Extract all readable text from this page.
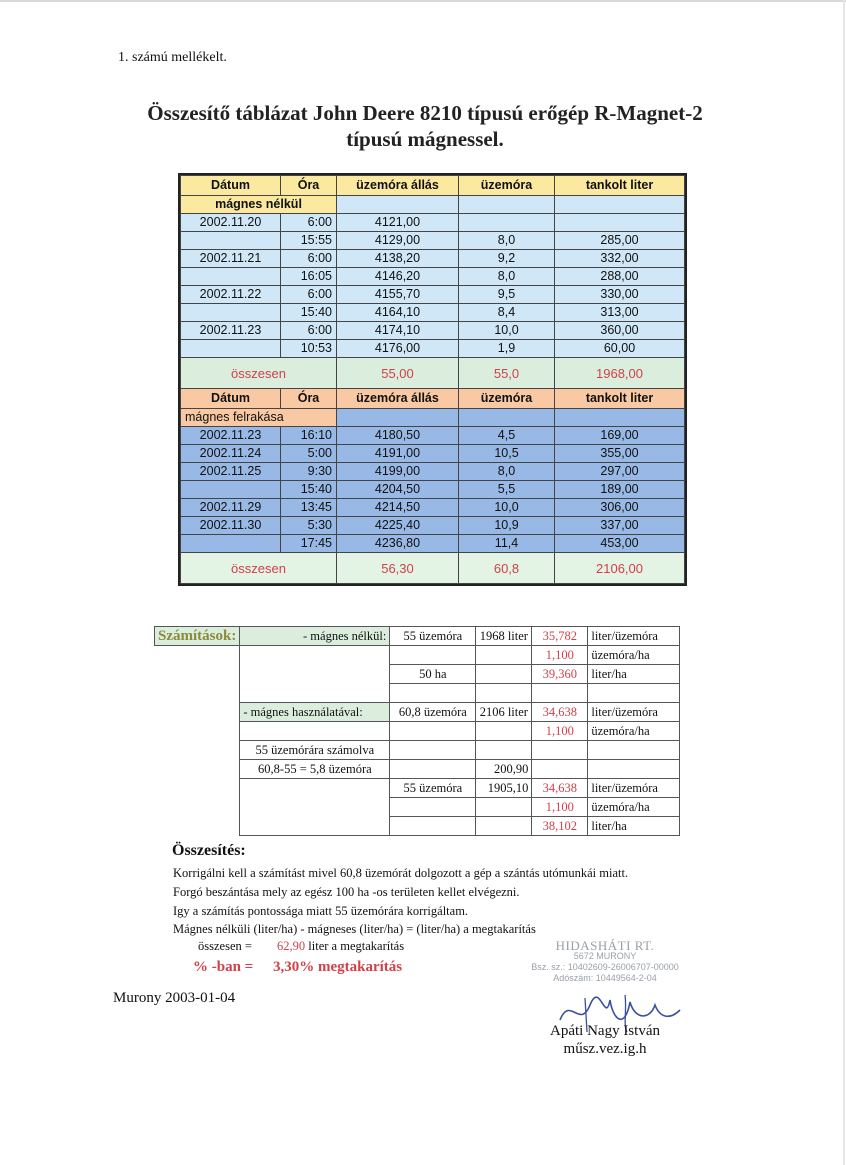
1. számú mellékelt.
Összesítő táblázat John Deere 8210 típusú erőgép R-Magnet-2
típusú mágnessel.
Dátum	Óra	üzemóra állás	üzemóra	tankolt liter
mágnes nélkül				
2002.11.20	6:00	4121,00		
	15:55	4129,00	8,0	285,00
2002.11.21	6:00	4138,20	9,2	332,00
	16:05	4146,20	8,0	288,00
2002.11.22	6:00	4155,70	9,5	330,00
	15:40	4164,10	8,4	313,00
2002.11.23	6:00	4174,10	10,0	360,00
	10:53	4176,00	1,9	60,00
összesen		55,00	55,0	1968,00
Dátum	Óra	üzemóra állás	üzemóra	tankolt liter
mágnes felrakása				
2002.11.23	16:10	4180,50	4,5	169,00
2002.11.24	5:00	4191,00	10,5	355,00
2002.11.25	9:30	4199,00	8,0	297,00
	15:40	4204,50	5,5	189,00
2002.11.29	13:45	4214,50	10,0	306,00
2002.11.30	5:30	4225,40	10,9	337,00
	17:45	4236,80	11,4	453,00
összesen		56,30	60,8	2106,00
Számítások:	- mágnes nélkül:	55 üzemóra	1968 liter	35,782	liter/üzemóra
				1,100	üzemóra/ha
		50 ha		39,360	liter/ha

	- mágnes használatával:	60,8 üzemóra	2106 liter	34,638	liter/üzemóra
				1,100	üzemóra/ha
	55 üzemórára számolva				
	60,8-55 = 5,8 üzemóra		200,90		
		55 üzemóra	1905,10	34,638	liter/üzemóra
				1,100	üzemóra/ha
				38,102	liter/ha
Összesítés:
Korrigálni kell a számítást mivel 60,8 üzemórát dolgozott a gép a szántás utómunkái miatt.
Forgó beszántása mely az egész 100 ha -os területen kellet elvégezni.
Igy a számítás pontossága miatt 55 üzemórára korrigáltam.
Mágnes nélküli (liter/ha) - mágneses (liter/ha) = (liter/ha) a megtakarítás
összesen = 62,90 liter a megtakarítás
% -ban = 3,30% megtakarítás
Murony 2003-01-04
HIDASHÁTI RT.
5672 MURONY
Bsz. sz.: 10402609-26006707-00000
Adószám: 10449564-2-04
Apáti Nagy István
műsz.vez.ig.h
